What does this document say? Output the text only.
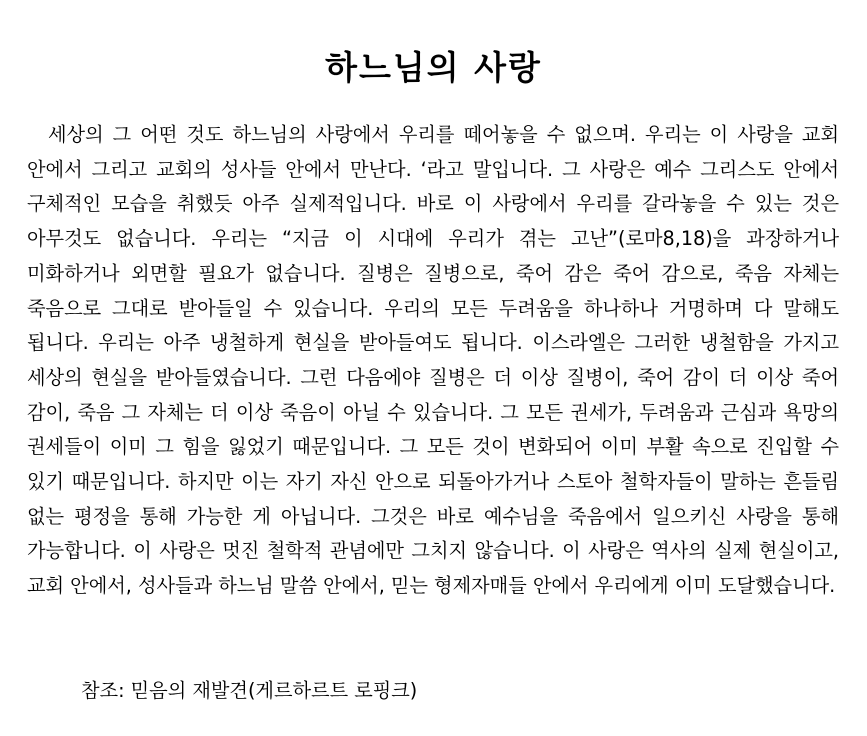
하느님의 사랑

세상의 그 어떤 것도 하느님의 사랑에서 우리를 떼어놓을 수 없으며. 우리는 이 사랑을 교회 안에서 그리고 교회의 성사들 안에서 만난다. ‘라고 말입니다. 그 사랑은 예수 그리스도 안에서 구체적인 모습을 취했듯 아주 실제적입니다. 바로 이 사랑에서 우리를 갈라놓을 수 있는 것은 아무것도 없습니다. 우리는 “지금 이 시대에 우리가 겪는 고난”(로마8,18)을 과장하거나 미화하거나 외면할 필요가 없습니다. 질병은 질병으로, 죽어 감은 죽어 감으로, 죽음 자체는 죽음으로 그대로 받아들일 수 있습니다. 우리의 모든 두려움을 하나하나 거명하며 다 말해도 됩니다. 우리는 아주 냉철하게 현실을 받아들여도 됩니다. 이스라엘은 그러한 냉철함을 가지고 세상의 현실을 받아들였습니다. 그런 다음에야 질병은 더 이상 질병이, 죽어 감이 더 이상 죽어 감이, 죽음 그 자체는 더 이상 죽음이 아닐 수 있습니다. 그 모든 권세가, 두려움과 근심과 욕망의 권세들이 이미 그 힘을 잃었기 때문입니다. 그 모든 것이 변화되어 이미 부활 속으로 진입할 수 있기 때문입니다. 하지만 이는 자기 자신 안으로 되돌아가거나 스토아 철학자들이 말하는 흔들림 없는 평정을 통해 가능한 게 아닙니다. 그것은 바로 예수님을 죽음에서 일으키신 사랑을 통해 가능합니다. 이 사랑은 멋진 철학적 관념에만 그치지 않습니다. 이 사랑은 역사의 실제 현실이고, 교회 안에서, 성사들과 하느님 말씀 안에서, 믿는 형제자매들 안에서 우리에게 이미 도달했습니다.

참조: 믿음의 재발견(게르하르트 로핑크)
